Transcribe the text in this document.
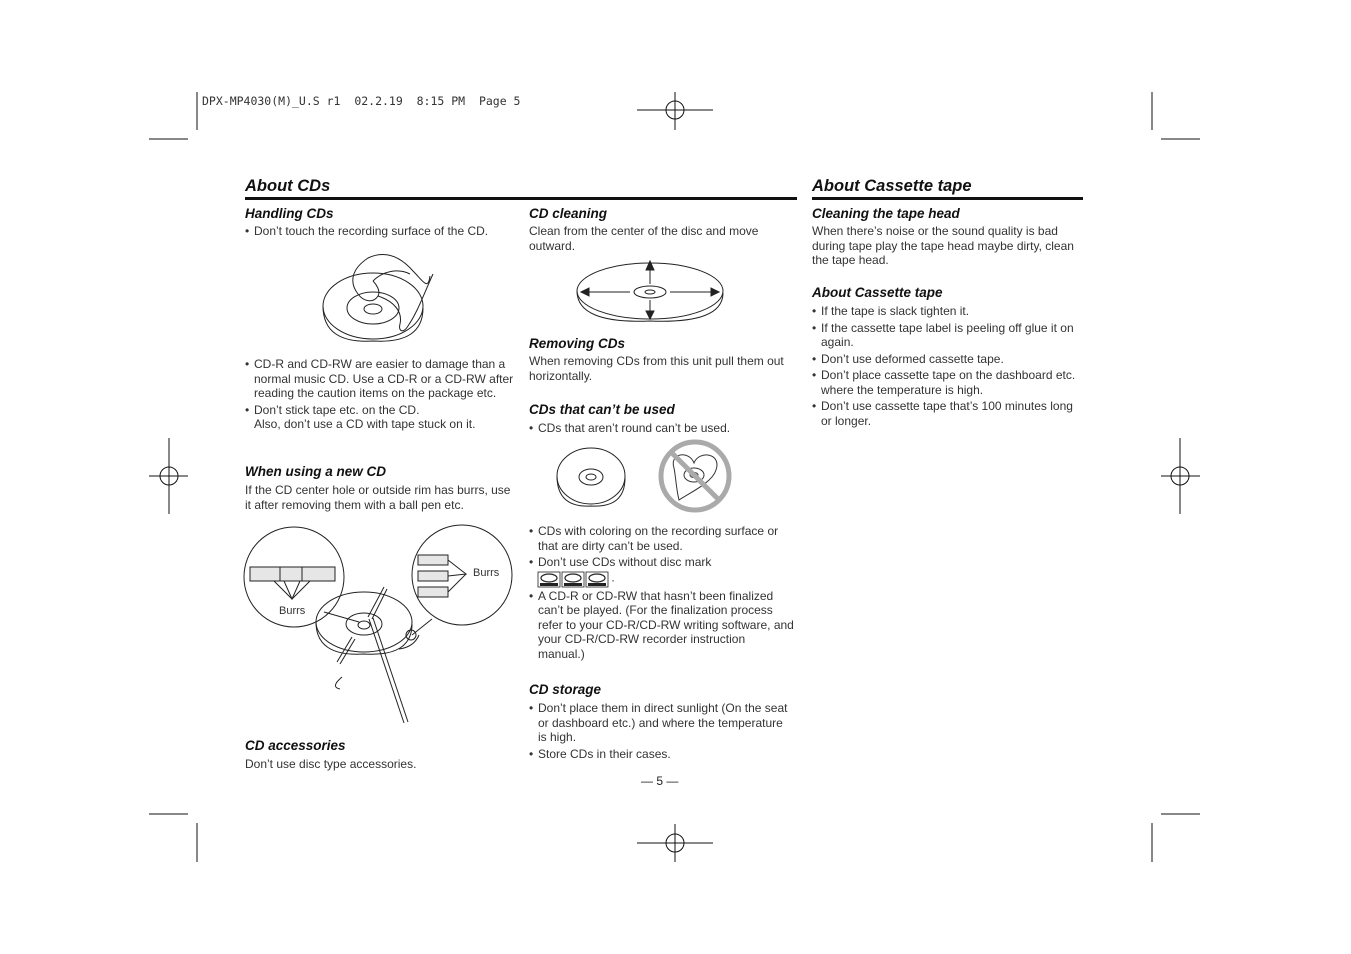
DPX-MP4030(M)_U.S r1  02.2.19  8:15 PM  Page 5
About CDs
Handling CDs
• Don’t touch the recording surface of the CD.
• CD-R and CD-RW are easier to damage than a normal music CD. Use a CD-R or a CD-RW after reading the caution items on the package etc.
• Don’t stick tape etc. on the CD.
Also, don’t use a CD with tape stuck on it.
When using a new CD
If the CD center hole or outside rim has burrs, use it after removing them with a ball pen etc.
Burrs
Burrs
CD accessories
Don’t use disc type accessories.
CD cleaning
Clean from the center of the disc and move outward.
Removing CDs
When removing CDs from this unit pull them out horizontally.
CDs that can’t be used
• CDs that aren’t round can’t be used.
• CDs with coloring on the recording surface or that are dirty can’t be used.
• Don’t use CDs without disc mark

.
• A CD-R or CD-RW that hasn’t been finalized can’t be played. (For the finalization process refer to your CD-R/CD-RW writing software, and your CD-R/CD-RW recorder instruction manual.)
CD storage
• Don’t place them in direct sunlight (On the seat or dashboard etc.) and where the temperature is high.
• Store CDs in their cases.
About Cassette tape
Cleaning the tape head
When there’s noise or the sound quality is bad during tape play the tape head maybe dirty, clean the tape head.
About Cassette tape
• If the tape is slack tighten it.
• If the cassette tape label is peeling off glue it on again.
• Don’t use deformed cassette tape.
• Don’t place cassette tape on the dashboard etc. where the temperature is high.
• Don’t use cassette tape that’s 100 minutes long or longer.
— 5 —
